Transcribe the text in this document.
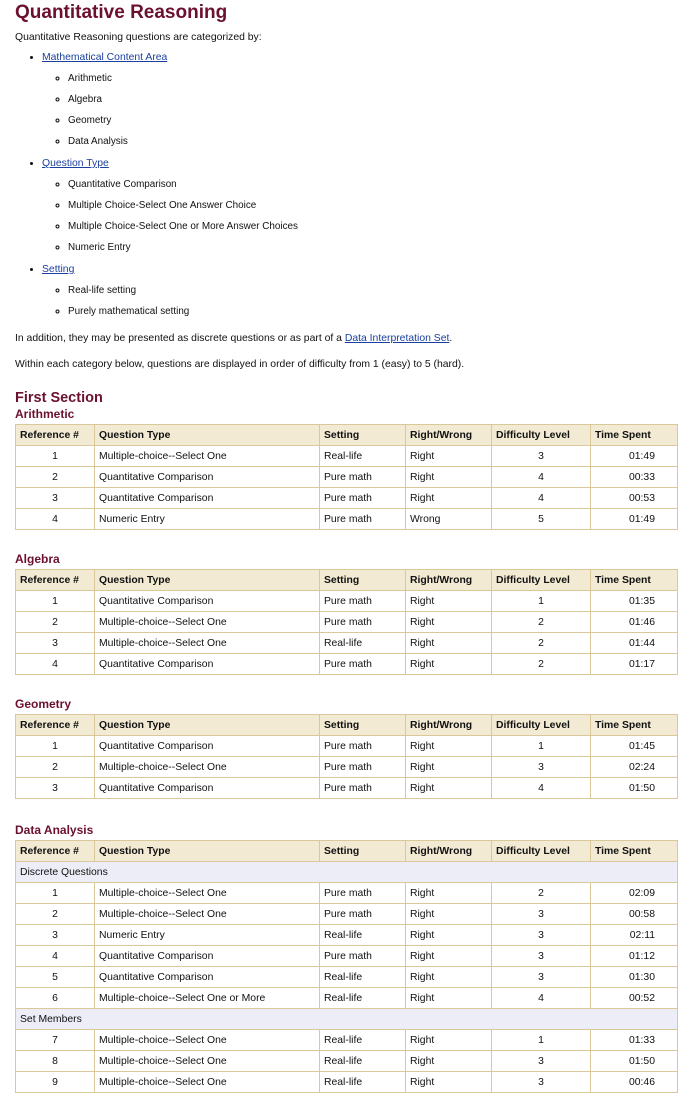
Quantitative Reasoning

Quantitative Reasoning questions are categorized by:

• Mathematical Content Area
◦ Arithmetic
◦ Algebra
◦ Geometry
◦ Data Analysis
• Question Type
◦ Quantitative Comparison
◦ Multiple Choice-Select One Answer Choice
◦ Multiple Choice-Select One or More Answer Choices
◦ Numeric Entry
• Setting
◦ Real-life setting
◦ Purely mathematical setting

In addition, they may be presented as discrete questions or as part of a Data Interpretation Set.

Within each category below, questions are displayed in order of difficulty from 1 (easy) to 5 (hard).

First Section
Arithmetic
Reference #	Question Type	Setting	Right/Wrong	Difficulty Level	Time Spent
1	Multiple-choice--Select One	Real-life	Right	3	01:49
2	Quantitative Comparison	Pure math	Right	4	00:33
3	Quantitative Comparison	Pure math	Right	4	00:53
4	Numeric Entry	Pure math	Wrong	5	01:49
Algebra
Reference #	Question Type	Setting	Right/Wrong	Difficulty Level	Time Spent
1	Quantitative Comparison	Pure math	Right	1	01:35
2	Multiple-choice--Select One	Pure math	Right	2	01:46
3	Multiple-choice--Select One	Real-life	Right	2	01:44
4	Quantitative Comparison	Pure math	Right	2	01:17
Geometry
Reference #	Question Type	Setting	Right/Wrong	Difficulty Level	Time Spent
1	Quantitative Comparison	Pure math	Right	1	01:45
2	Multiple-choice--Select One	Pure math	Right	3	02:24
3	Quantitative Comparison	Pure math	Right	4	01:50
Data Analysis
Reference #	Question Type	Setting	Right/Wrong	Difficulty Level	Time Spent
Discrete Questions					
1	Multiple-choice--Select One	Pure math	Right	2	02:09
2	Multiple-choice--Select One	Pure math	Right	3	00:58
3	Numeric Entry	Real-life	Right	3	02:11
4	Quantitative Comparison	Pure math	Right	3	01:12
5	Quantitative Comparison	Real-life	Right	3	01:30
6	Multiple-choice--Select One or More	Real-life	Right	4	00:52
Set Members					
7	Multiple-choice--Select One	Real-life	Right	1	01:33
8	Multiple-choice--Select One	Real-life	Right	3	01:50
9	Multiple-choice--Select One	Real-life	Right	3	00:46
